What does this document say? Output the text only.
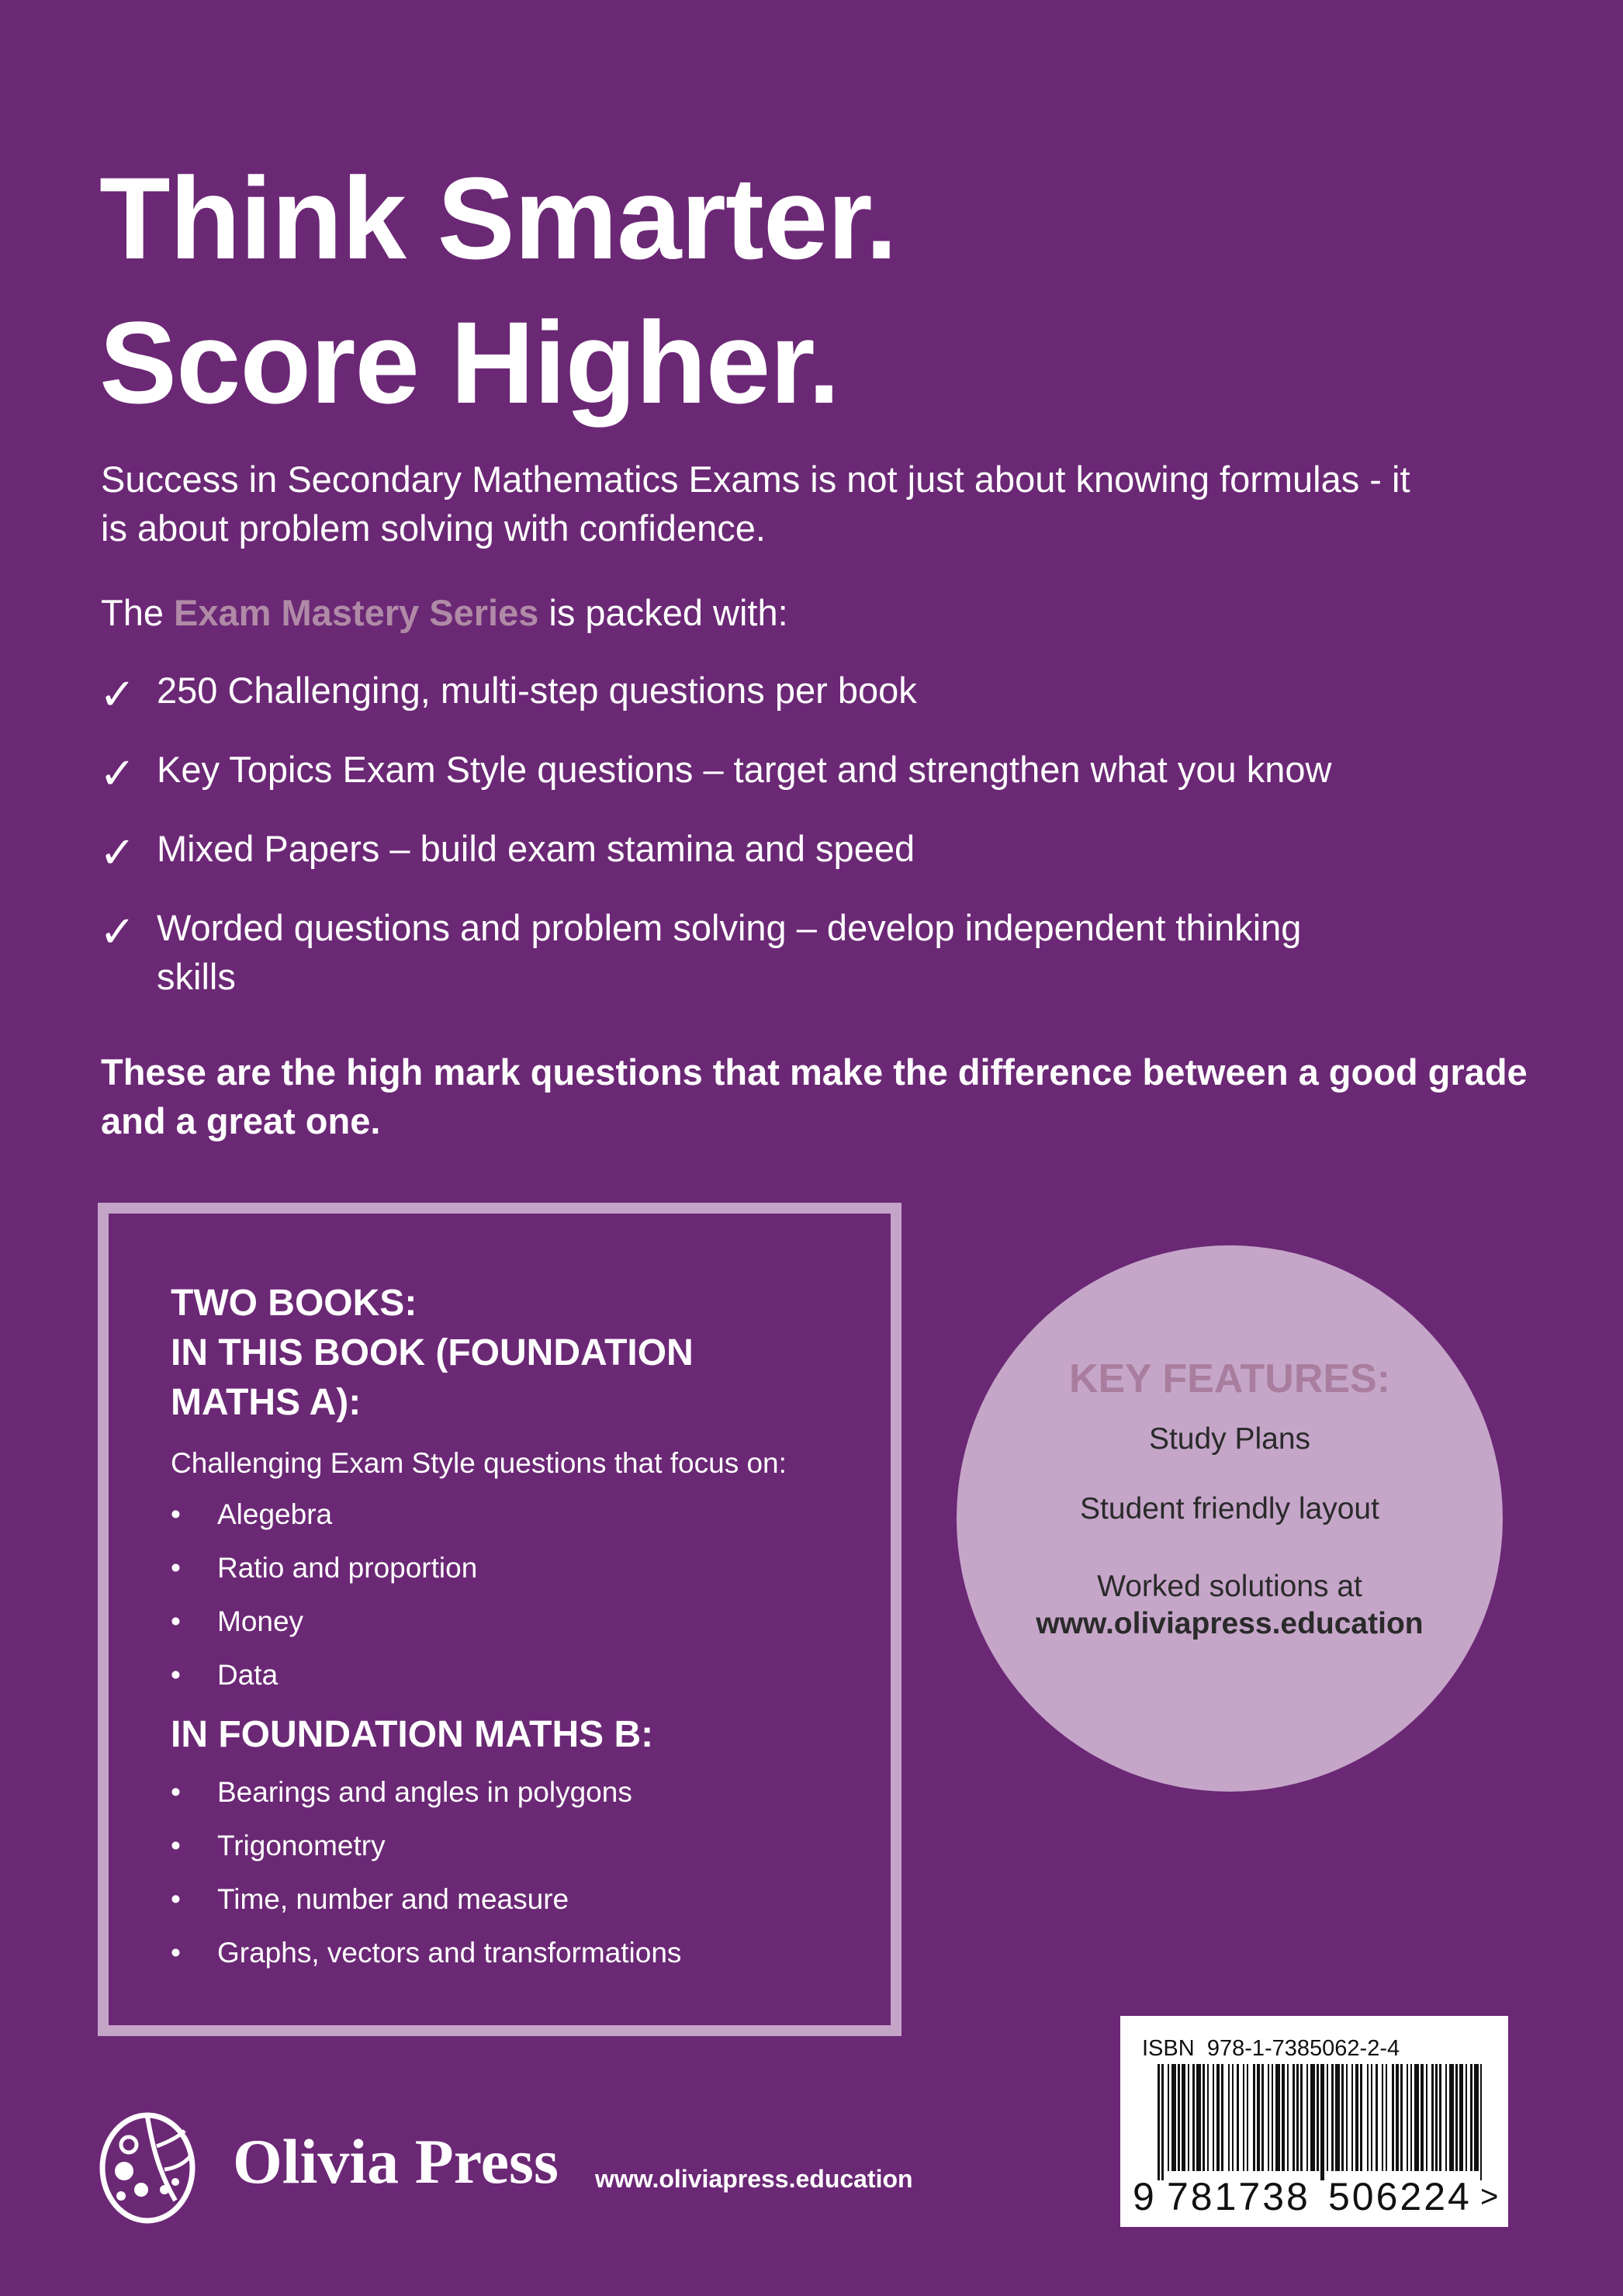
Think Smarter.
Score Higher.
Success in Secondary Mathematics Exams is not just about knowing formulas - it is about problem solving with confidence.
The Exam Mastery Series is packed with:
✓ 250 Challenging, multi-step questions per book
✓ Key Topics Exam Style questions – target and strengthen what you know
✓ Mixed Papers – build exam stamina and speed
✓ Worded questions and problem solving – develop independent thinking skills
These are the high mark questions that make the difference between a good grade and a great one.
TWO BOOKS:
IN THIS BOOK (FOUNDATION MATHS A):
Challenging Exam Style questions that focus on:
• Alegebra
• Ratio and proportion
• Money
• Data
IN FOUNDATION MATHS B:
• Bearings and angles in polygons
• Trigonometry
• Time, number and measure
• Graphs, vectors and transformations
KEY FEATURES:
Study Plans
Student friendly layout
Worked solutions at
www.oliviapress.education
Olivia Press www.oliviapress.education
ISBN 978-1-7385062-2-4
9 781738 506224 >
